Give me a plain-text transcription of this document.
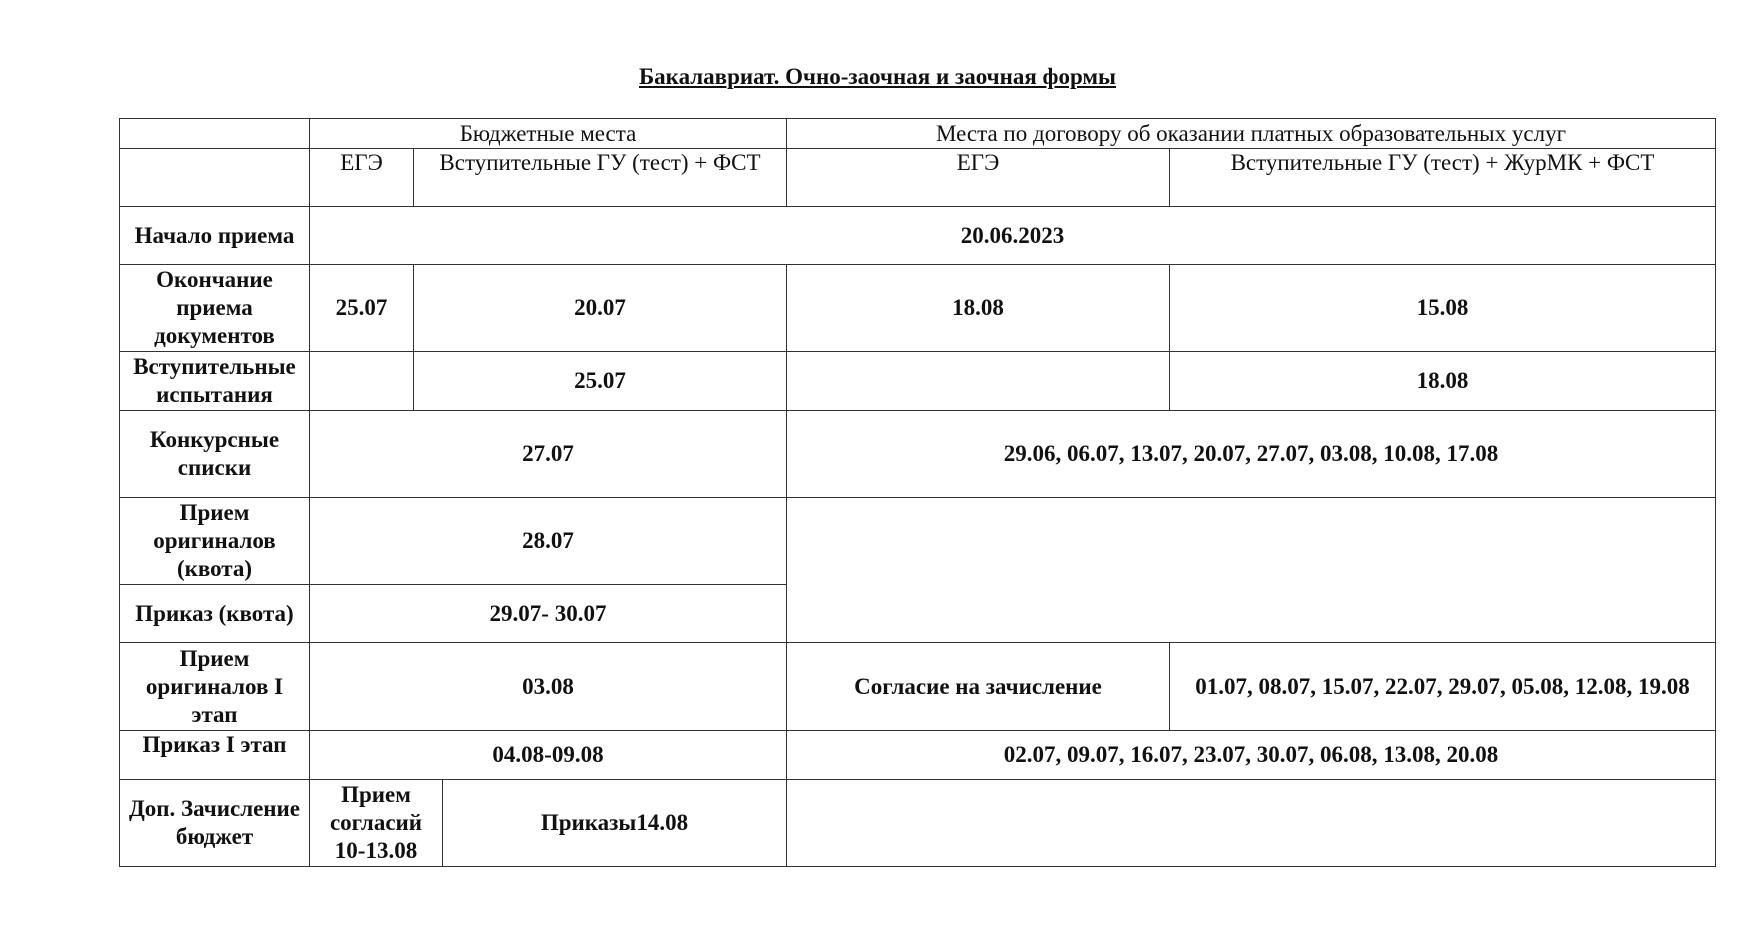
Бакалавриат. Очно-заочная и заочная формы
	Бюджетные места			Места по договору об оказании платных образовательных услуг	
	ЕГЭ	Вступительные ГУ (тест) + ФСТ		ЕГЭ	Вступительные ГУ (тест) + ЖурМК + ФСТ
Начало приема	20.06.2023				
Окончание приема документов	25.07	20.07		18.08	15.08
Вступительные испытания		25.07			18.08
Конкурсные списки	27.07			29.06, 06.07, 13.07, 20.07, 27.07, 03.08, 10.08, 17.08	
Прием оригиналов (квота)	28.07				
Приказ (квота)	29.07- 30.07				
Прием оригиналов I этап	03.08			Согласие на зачисление	01.07, 08.07, 15.07, 22.07, 29.07, 05.08, 12.08, 19.08
Приказ I этап	04.08-09.08			02.07, 09.07, 16.07, 23.07, 30.07, 06.08, 13.08, 20.08	
Доп. Зачисление бюджет	Прием согласий 10-13.08		Приказы14.08		
